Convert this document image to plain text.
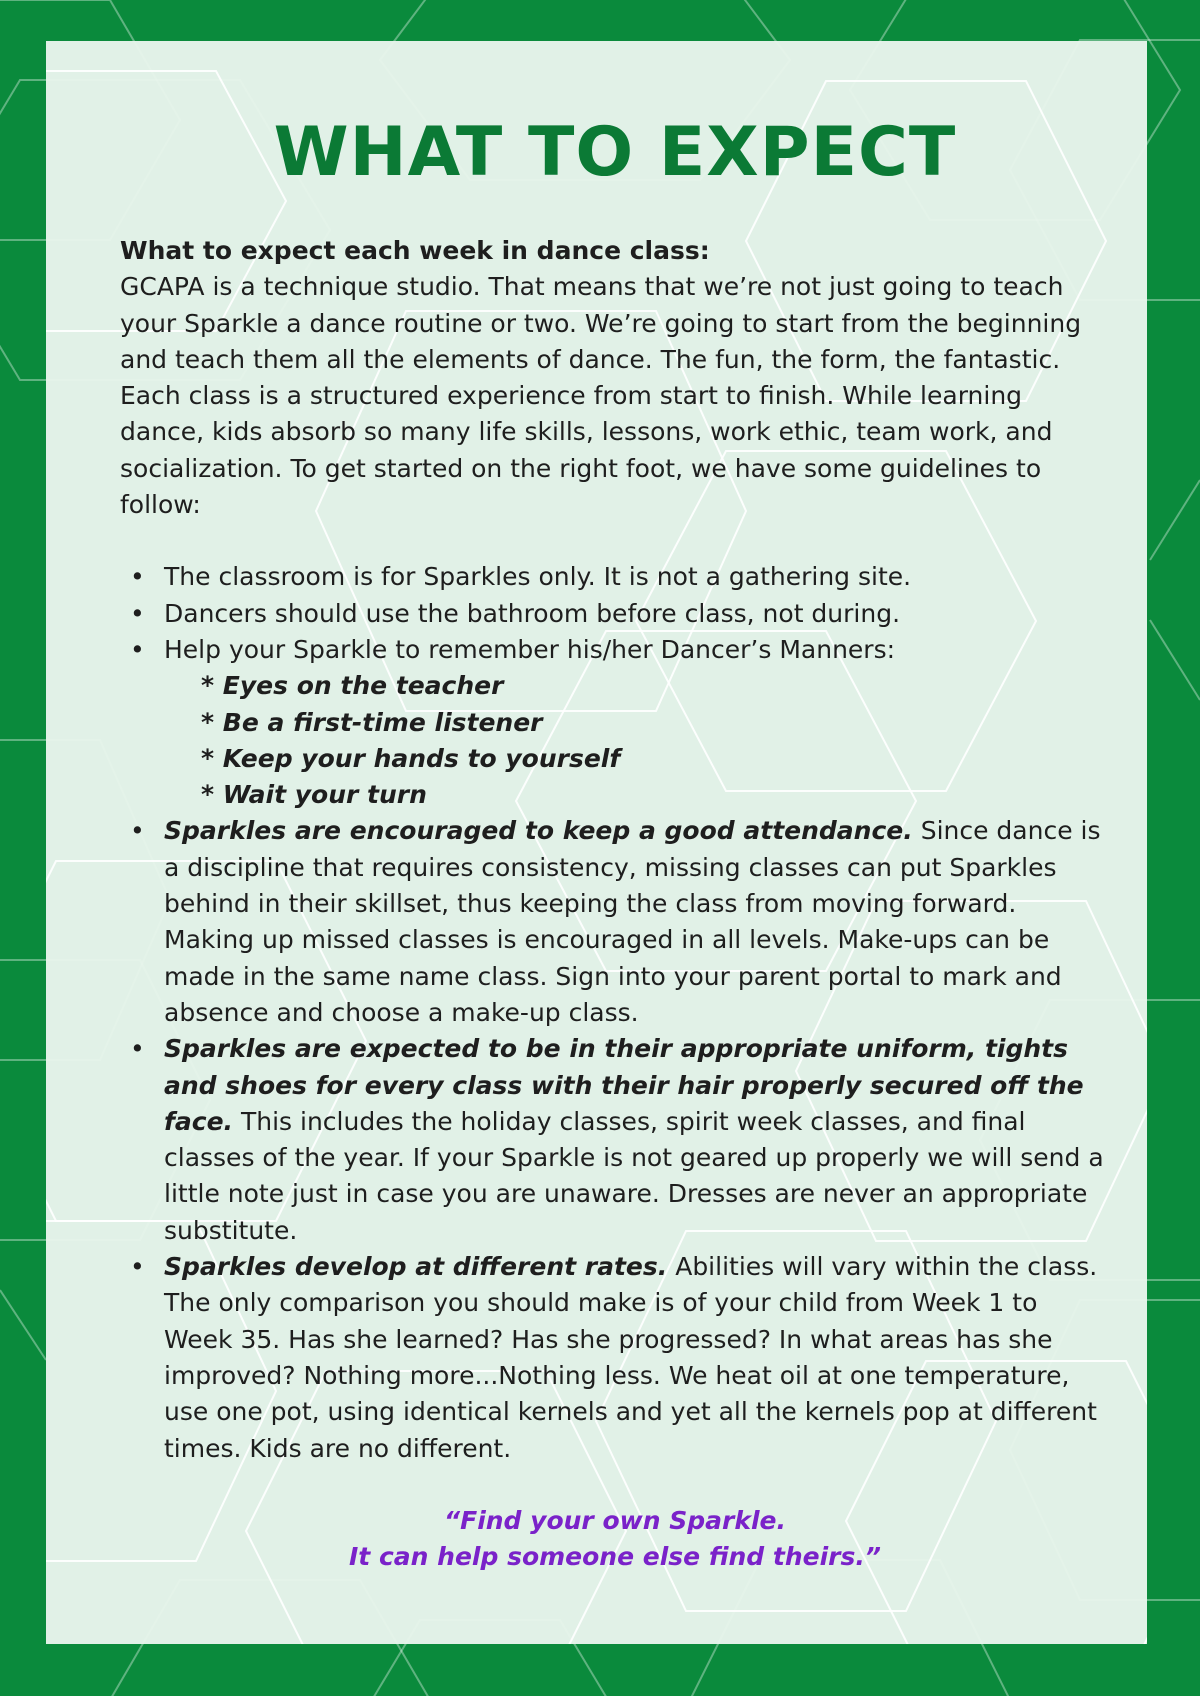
WHAT TO EXPECT

What to expect each week in dance class:

GCAPA is a technique studio. That means that we’re not just going to teach your Sparkle a dance routine or two. We’re going to start from the beginning and teach them all the elements of dance. The fun, the form, the fantastic. Each class is a structured experience from start to finish. While learning dance, kids absorb so many life skills, lessons, work ethic, team work, and socialization. To get started on the right foot, we have some guidelines to follow:

• The classroom is for Sparkles only. It is not a gathering site.
• Dancers should use the bathroom before class, not during.
• Help your Sparkle to remember his/her Dancer’s Manners:
* Eyes on the teacher
* Be a first-time listener
* Keep your hands to yourself
* Wait your turn
• Sparkles are encouraged to keep a good attendance. Since dance is a discipline that requires consistency, missing classes can put Sparkles behind in their skillset, thus keeping the class from moving forward. Making up missed classes is encouraged in all levels. Make-ups can be made in the same name class. Sign into your parent portal to mark and absence and choose a make-up class.
• Sparkles are expected to be in their appropriate uniform, tights and shoes for every class with their hair properly secured off the face. This includes the holiday classes, spirit week classes, and final classes of the year. If your Sparkle is not geared up properly we will send a little note just in case you are unaware. Dresses are never an appropriate substitute.
• Sparkles develop at different rates. Abilities will vary within the class. The only comparison you should make is of your child from Week 1 to Week 35. Has she learned? Has she progressed? In what areas has she improved? Nothing more...Nothing less. We heat oil at one temperature, use one pot, using identical kernels and yet all the kernels pop at different times. Kids are no different.
“Find your own Sparkle.
It can help someone else find theirs.”
